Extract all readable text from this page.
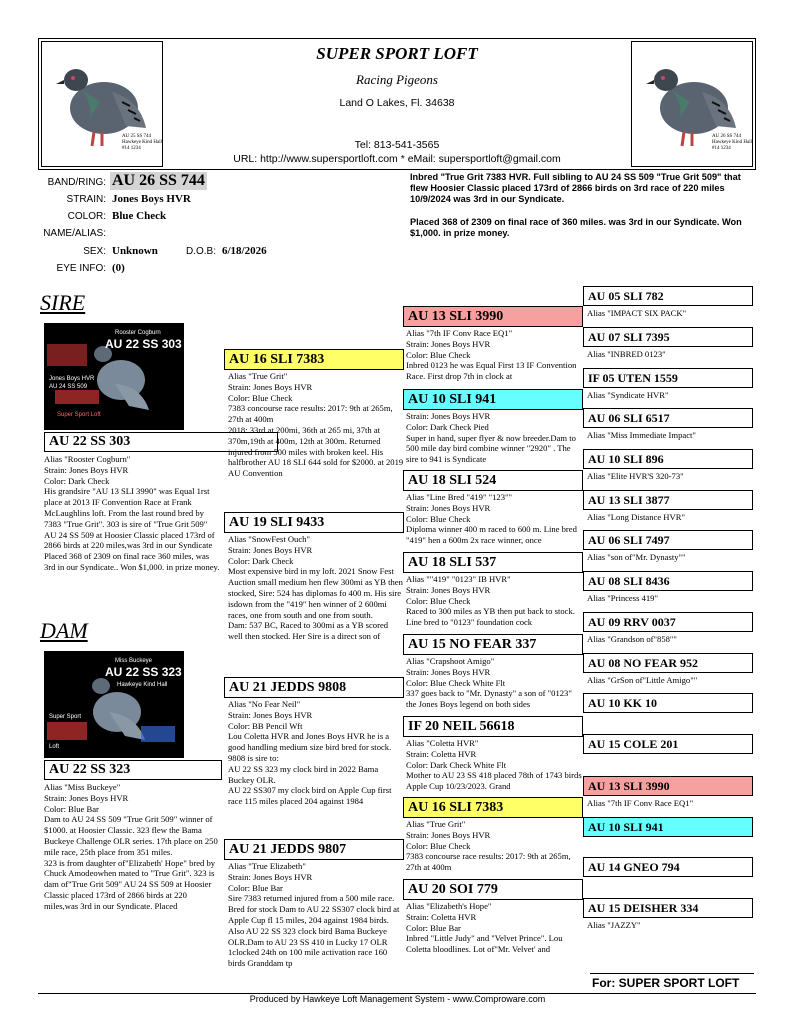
AU 25 SS 744
Hawkeye Kind Hall
#14 1234
AU 26 SS 744
Hawkeye Kind Hall
#14 1234
SUPER SPORT LOFT
Racing Pigeons
Land O Lakes, Fl. 34638
Tel: 813-541-3565
URL: http://www.supersportloft.com * eMail: supersportloft@gmail.com
BAND/RING: AU 26 SS 744
STRAIN: Jones Boys HVR
COLOR: Blue Check
NAME/ALIAS:
SEX: Unknown	D.O.B: 6/18/2026
EYE INFO: (0)
Inbred "True Grit 7383 HVR. Full sibling to AU 24 SS 509 "True Grit 509" that flew Hoosier Classic placed 173rd of 2866 birds on 3rd race of 220 miles 10/9/2024 was 3rd in our Syndicate.
Placed 368 of 2309 on final race of 360 miles. was 3rd in our Syndicate. Won $1,000. in prize money.
SIRE
Rooster Cogburn
AU 22 SS 303
Jones Boys HVR
AU 24 SS 509
Super Sport Loft
AU 22 SS 303
Alias "Rooster Cogburn"
Strain: Jones Boys HVR
Color: Dark Check
His grandsire "AU 13 SLI 3990" was Equal 1rst place at 2013 IF Convention Race at Frank McLaughlins loft. From the last round bred by 7383 "True Grit". 303 is sire of "True Grit 509" AU 24 SS 509 at Hoosier Classic placed 173rd of 2866 birds at 220 miles,was 3rd in our Syndicate Placed 368 of 2309 on final race 360 miles, was 3rd in our Syndicate.. Won $1,000. in prize money.
DAM
Miss Buckeye
AU 22 SS 323
Hawkeye Kind Hall
Super Sport
Loft
AU 22 SS 323
Alias "Miss Buckeye"
Strain: Jones Boys HVR
Color: Blue Bar
Dam to AU 24 SS 509 "True Grit 509" winner of $1000. at Hoosier Classic. 323 flew the Bama Buckeye Challenge OLR series. 17th place on 250 mile race, 25th place from 351 miles.
323 is from daughter of"Elizabeth' Hope" bred by Chuck Amodeowhen mated to "True Grit". 323 is dam of"True Grit 509" AU 24 SS 509 at Hoosier Classic placed 173rd of 2866 birds at 220 miles,was 3rd in our Syndicate. Placed
AU 16 SLI 7383
Alias "True Grit"
Strain: Jones Boys HVR
Color: Blue Check
7383 concourse race results: 2017: 9th at 265m, 27th at 400m
2018: 33rd at 200mi, 36th at 265 mi, 37th at 370m,19th at 400m, 12th at 300m. Returned injured from 500 miles with broken keel. His halfbrother AU 18 SLI 644 sold for $2000. at 2019 AU Convention
AU 19 SLI 9433
Alias "SnowFest Ouch"
Strain: Jones Boys HVR
Color: Dark Check
Most expensive bird in my loft. 2021 Snow Fest Auction small medium hen flew 300mi as YB then stocked, Sire: 524 has diplomas fo 400 m. His sire isdown from the "419" hen winner of 2 600mi races, one from south and one from south.
Dam: 537 BC, Raced to 300mi as a YB scored well then stocked. Her Sire is a direct son of
AU 21 JEDDS 9808
Alias "No Fear Neil"
Strain: Jones Boys HVR
Color: BB Pencil Wft
Lou Coletta HVR and Jones Boys HVR he is a good handling medium size bird bred for stock. 9808 is sire to:
AU 22 SS 323 my clock bird in 2022 Bama Buckey OLR.
AU 22 SS307 my clock bird on Apple Cup first race 115 miles placed 204 against 1984
AU 21 JEDDS 9807
Alias "True Elizabeth"
Strain: Jones Boys HVR
Color: Blue Bar
Sire 7383 returned injured from a 500 mile race. Bred for stock Dam to AU 22 SS307 clock bird at Apple Cup fl 15 miles, 204 against 1984 birds. Also AU 22 SS 323 clock bird Bama Buckeye OLR.Dam to AU 23 SS 410 in Lucky 17 OLR 1clocked 24th on 100 mile activation race 160 birds Granddam tp
AU 13 SLI 3990
Alias "7th IF Conv Race EQ1"
Strain: Jones Boys HVR
Color: Blue Check
Inbred 0123 he was Equal First 13 IF Convention Race. First drop 7th in clock at
AU 10 SLI 941
Strain: Jones Boys HVR
Color: Dark Check Pied
Super in hand, super flyer & now breeder.Dam to 500 mile day bird combine winner "2920" . The sire to 941 is Syndicate
AU 18 SLI 524
Alias "Line Bred "419" "123""
Strain: Jones Boys HVR
Color: Blue Check
Diploma winner 400 m raced to 600 m. Line bred "419" hen a 600m 2x race winner, once
AU 18 SLI 537
Alias ""419" "0123" IB HVR"
Strain: Jones Boys HVR
Color: Blue Check
Raced to 300 miles as YB then put back to stock. Line bred to "0123" foundation cock
AU 15 NO FEAR 337
Alias "Crapshoot Amigo"
Strain: Jones Boys HVR
Color: Blue Check White Flt
337 goes back to "Mr. Dynasty" a son of "0123" the Jones Boys legend on both sides
IF 20 NEIL 56618
Alias "Coletta HVR"
Strain: Coletta HVR
Color: Dark Check White Flt
Mother to AU 23 SS 418 placed 78th of 1743 birds Apple Cup 10/23/2023. Grand
AU 16 SLI 7383
Alias "True Grit"
Strain: Jones Boys HVR
Color: Blue Check
7383 concourse race results: 2017: 9th at 265m, 27th at 400m
AU 20 SOI 779
Alias "Elizabeth's Hope"
Strain: Coletta HVR
Color: Blue Bar
Inbred "Little Judy" and "Velvet Prince". Lou Coletta bloodlines. Lot of"Mr. Velvet' and
AU 05 SLI 782
Alias "IMPACT SIX PACK"
AU 07 SLI 7395
Alias "INBRED 0123"
IF 05 UTEN 1559
Alias "Syndicate HVR"
AU 06 SLI 6517
Alias "Miss Immediate Impact"
AU 10 SLI 896
Alias "Elite HVR'S 320-73"
AU 13 SLI 3877
Alias "Long Distance HVR"
AU 06 SLI 7497
Alias "son of"Mr. Dynasty""
AU 08 SLI 8436
Alias "Princess 419"
AU 09 RRV 0037
Alias "Grandson of"858""
AU 08 NO FEAR 952
Alias "GrSon of"Little Amigo""
AU 10 KK 10
AU 15 COLE 201
AU 13 SLI 3990
Alias "7th IF Conv Race EQ1"
AU 10 SLI 941
AU 14 GNEO 794
AU 15 DEISHER 334
Alias "JAZZY"
For: SUPER SPORT LOFT
Produced by Hawkeye Loft Management System - www.Comproware.com
